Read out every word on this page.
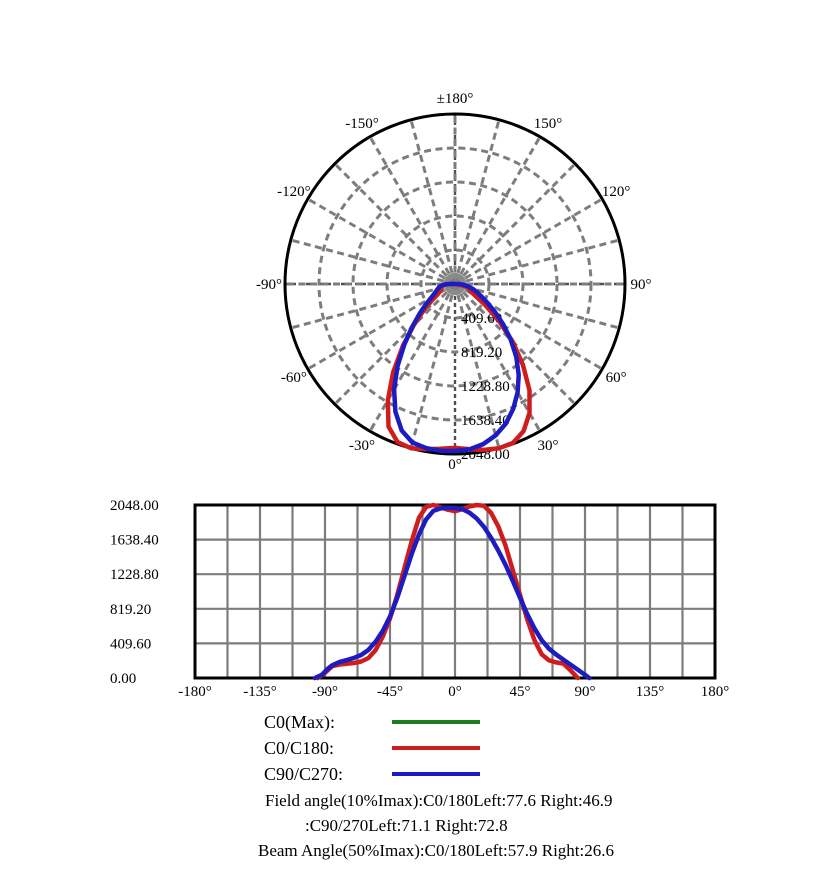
409.60
819.20
1228.80
1638.40
2048.00
±180°
-150°	150°
-120°	120°
-90°	90°
-60°	60°
-30°	30°
0°
2048.00
1638.40
1228.80
819.20
409.60
0.00
-180° -135° -90°	-45°	0°	45°	90°	135° 180°
C0(Max):
C0/C180:
C90/C270:
Field angle(10%Imax):C0/180Left:77.6 Right:46.9
:C90/270Left:71.1 Right:72.8
Beam Angle(50%Imax):C0/180Left:57.9 Right:26.6
